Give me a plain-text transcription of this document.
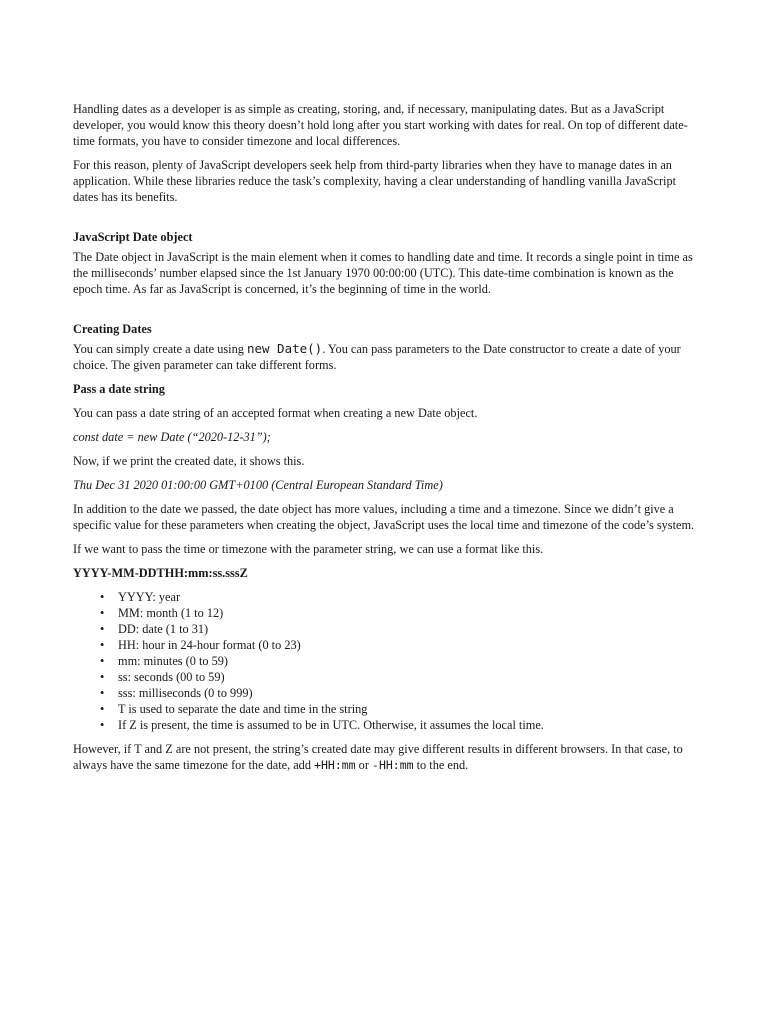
Handling dates as a developer is as simple as creating, storing, and, if necessary, manipulating dates. But as a JavaScript developer, you would know this theory doesn’t hold long after you start working with dates for real. On top of different date-time formats, you have to consider timezone and local differences.

For this reason, plenty of JavaScript developers seek help from third-party libraries when they have to manage dates in an application. While these libraries reduce the task’s complexity, having a clear understanding of handling vanilla JavaScript dates has its benefits.

JavaScript Date object

The Date object in JavaScript is the main element when it comes to handling date and time. It records a single point in time as the milliseconds’ number elapsed since the 1st January 1970 00:00:00 (UTC). This date-time combination is known as the epoch time. As far as JavaScript is concerned, it’s the beginning of time in the world.

Creating Dates

You can simply create a date using new Date(). You can pass parameters to the Date constructor to create a date of your choice. The given parameter can take different forms.

Pass a date string

You can pass a date string of an accepted format when creating a new Date object.

const date = new Date (“2020-12-31”);

Now, if we print the created date, it shows this.

Thu Dec 31 2020 01:00:00 GMT+0100 (Central European Standard Time)

In addition to the date we passed, the date object has more values, including a time and a timezone. Since we didn’t give a specific value for these parameters when creating the object, JavaScript uses the local time and timezone of the code’s system.

If we want to pass the time or timezone with the parameter string, we can use a format like this.

YYYY-MM-DDTHH:mm:ss.sssZ

• YYYY: year
• MM: month (1 to 12)
• DD: date (1 to 31)
• HH: hour in 24-hour format (0 to 23)
• mm: minutes (0 to 59)
• ss: seconds (00 to 59)
• sss: milliseconds (0 to 999)
• T is used to separate the date and time in the string
• If Z is present, the time is assumed to be in UTC. Otherwise, it assumes the local time.

However, if T and Z are not present, the string’s created date may give different results in different browsers. In that case, to always have the same timezone for the date, add +HH:mm or -HH:mm to the end.
